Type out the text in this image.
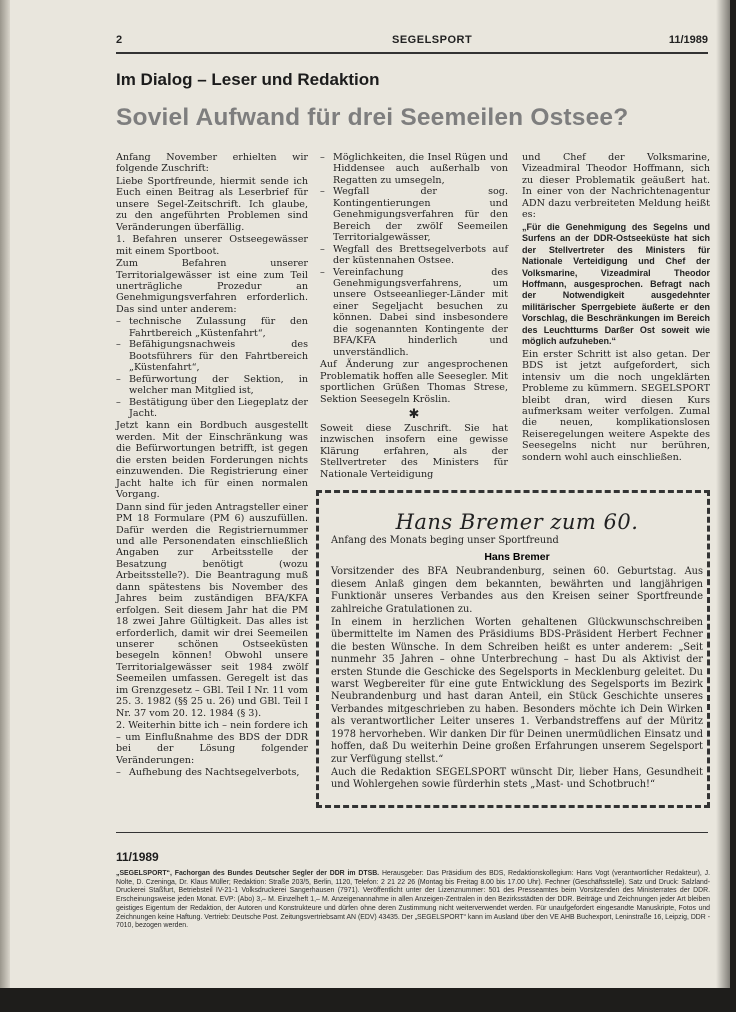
2	SEGELSPORT	11/1989
Im Dialog – Leser und Redaktion
Soviel Aufwand für drei Seemeilen Ostsee?

Anfang November erhielten wir folgende Zuschrift:

Liebe Sportfreunde, hiermit sende ich Euch einen Beitrag als Leserbrief für unsere Segel-Zeitschrift. Ich glaube, zu den angeführten Problemen sind Veränderungen überfällig.

1. Befahren unserer Ostseegewässer mit einem Sportboot.

Zum Befahren unserer Territorialgewässer ist eine zum Teil unerträgliche Prozedur an Genehmigungsverfahren erforderlich. Das sind unter anderem:

– technische Zulassung für den Fahrtbereich „Küstenfahrt“,
– Befähigungsnachweis des Bootsführers für den Fahrtbereich „Küstenfahrt“,
– Befürwortung der Sektion, in welcher man Mitglied ist,
– Bestätigung über den Liegeplatz der Jacht.

Jetzt kann ein Bordbuch ausgestellt werden. Mit der Einschränkung was die Befürwortungen betrifft, ist gegen die ersten beiden Forderungen nichts einzuwenden. Die Registrierung einer Jacht halte ich für einen normalen Vorgang.

Dann sind für jeden Antragsteller einer PM 18 Formulare (PM 6) auszufüllen. Dafür werden die Registriernummer und alle Personendaten einschließlich Angaben zur Arbeitsstelle der Besatzung benötigt (wozu Arbeitsstelle?). Die Beantragung muß dann spätestens bis November des Jahres beim zuständigen BFA/KFA erfolgen. Seit diesem Jahr hat die PM 18 zwei Jahre Gültigkeit. Das alles ist erforderlich, damit wir drei Seemeilen unserer schönen Ostseeküsten besegeln können! Obwohl unsere Territorialgewässer seit 1984 zwölf Seemeilen umfassen. Geregelt ist das im Grenzgesetz – GBl. Teil I Nr. 11 vom 25. 3. 1982 (§§ 25 u. 26) und GBl. Teil I Nr. 37 vom 20. 12. 1984 (§ 3).

2. Weiterhin bitte ich – nein fordere ich – um Einflußnahme des BDS der DDR bei der Lösung folgender Veränderungen:

– Aufhebung des Nachtsegelverbots,
– Möglichkeiten, die Insel Rügen und Hiddensee auch außerhalb von Regatten zu umsegeln,
– Wegfall der sog. Kontingentierungen und Genehmigungsverfahren für den Bereich der zwölf Seemeilen Territorialgewässer,
– Wegfall des Brettsegelverbots auf der küstennahen Ostsee.
– Vereinfachung des Genehmigungsverfahrens, um unsere Ostseeanlieger-Länder mit einer Segeljacht besuchen zu können. Dabei sind insbesondere die sogenannten Kontingente der BFA/KFA hinderlich und unverständlich.

Auf Änderung zur angesprochenen Problematik hoffen alle Seesegler. Mit sportlichen Grüßen Thomas Strese, Sektion Seesegeln Kröslin.

✱

Soweit diese Zuschrift. Sie hat inzwischen insofern eine gewisse Klärung erfahren, als der Stellvertreter des Ministers für Nationale Verteidigung

und Chef der Volksmarine, Vizeadmiral Theodor Hoffmann, sich zu dieser Problematik geäußert hat. In einer von der Nachrichtenagentur ADN dazu verbreiteten Meldung heißt es:

„Für die Genehmigung des Segelns und Surfens an der DDR-Ostseeküste hat sich der Stellvertreter des Ministers für Nationale Verteidigung und Chef der Volksmarine, Vizeadmiral Theodor Hoffmann, ausgesprochen. Befragt nach der Notwendigkeit ausgedehnter militärischer Sperrgebiete äußerte er den Vorschlag, die Beschränkungen im Bereich des Leuchtturms Darßer Ost soweit wie möglich aufzuheben.“

Ein erster Schritt ist also getan. Der BDS ist jetzt aufgefordert, sich intensiv um die noch ungeklärten Probleme zu kümmern. SEGELSPORT bleibt dran, wird diesen Kurs aufmerksam weiter verfolgen. Zumal die neuen, komplikationslosen Reiseregelungen weitere Aspekte des Seesegelns nicht nur berühren, sondern wohl auch einschließen.

Hans Bremer zum 60.

Anfang des Monats beging unser Sportfreund

Hans Bremer

Vorsitzender des BFA Neubrandenburg, seinen 60. Geburtstag. Aus diesem Anlaß gingen dem bekannten, bewährten und langjährigen Funktionär unseres Verbandes aus den Kreisen seiner Sportfreunde zahlreiche Gratulationen zu.

In einem in herzlichen Worten gehaltenen Glückwunschschreiben übermittelte im Namen des Präsidiums BDS-Präsident Herbert Fechner die besten Wünsche. In dem Schreiben heißt es unter anderem: „Seit nunmehr 35 Jahren – ohne Unterbrechung – hast Du als Aktivist der ersten Stunde die Geschicke des Segelsports in Mecklenburg geleitet. Du warst Wegbereiter für eine gute Entwicklung des Segelsports im Bezirk Neubrandenburg und hast daran Anteil, ein Stück Geschichte unseres Verbandes mitgeschrieben zu haben. Besonders möchte ich Dein Wirken als verantwortlicher Leiter unseres 1. Verbandstreffens auf der Müritz 1978 hervorheben. Wir danken Dir für Deinen unermüdlichen Einsatz und hoffen, daß Du weiterhin Deine großen Erfahrungen unserem Segelsport zur Verfügung stellst.“

Auch die Redaktion SEGELSPORT wünscht Dir, lieber Hans, Gesundheit und Wohlergehen sowie fürderhin stets „Mast- und Schotbruch!“

11/1989
„SEGELSPORT“, Fachorgan des Bundes Deutscher Segler der DDR im DTSB. Herausgeber: Das Präsidium des BDS, Redaktionskollegium: Hans Vogt (verantwortlicher Redakteur), J. Nolte, D. Czeninga, Dr. Klaus Müller; Redaktion: Straße 203/5, Berlin, 1120, Telefon: 2 21 22 26 (Montag bis Freitag 8.00 bis 17.00 Uhr). Fechner (Geschäftsstelle). Satz und Druck: Salzland-Druckerei Staßfurt, Betriebsteil IV-21-1 Volksdruckerei Sangerhausen (7971). Veröffentlicht unter der Lizenznummer: 501 des Presseamtes beim Vorsitzenden des Ministerrates der DDR. Erscheinungsweise jeden Monat. EVP: (Abo) 3,– M. Einzelheft 1,– M. Anzeigenannahme in allen Anzeigen-Zentralen in den Bezirksstädten der DDR. Beiträge und Zeichnungen jeder Art bleiben geistiges Eigentum der Redaktion, der Autoren und Konstrukteure und dürfen ohne deren Zustimmung nicht weiterverwendet werden. Für unaufgefordert eingesandte Manuskripte, Fotos und Zeichnungen keine Haftung. Vertrieb: Deutsche Post. Zeitungsvertriebsamt AN (EDV) 43435. Der „SEGELSPORT“ kann im Ausland über den VE AHB Buchexport, Leninstraße 16, Leipzig, DDR - 7010, bezogen werden.
